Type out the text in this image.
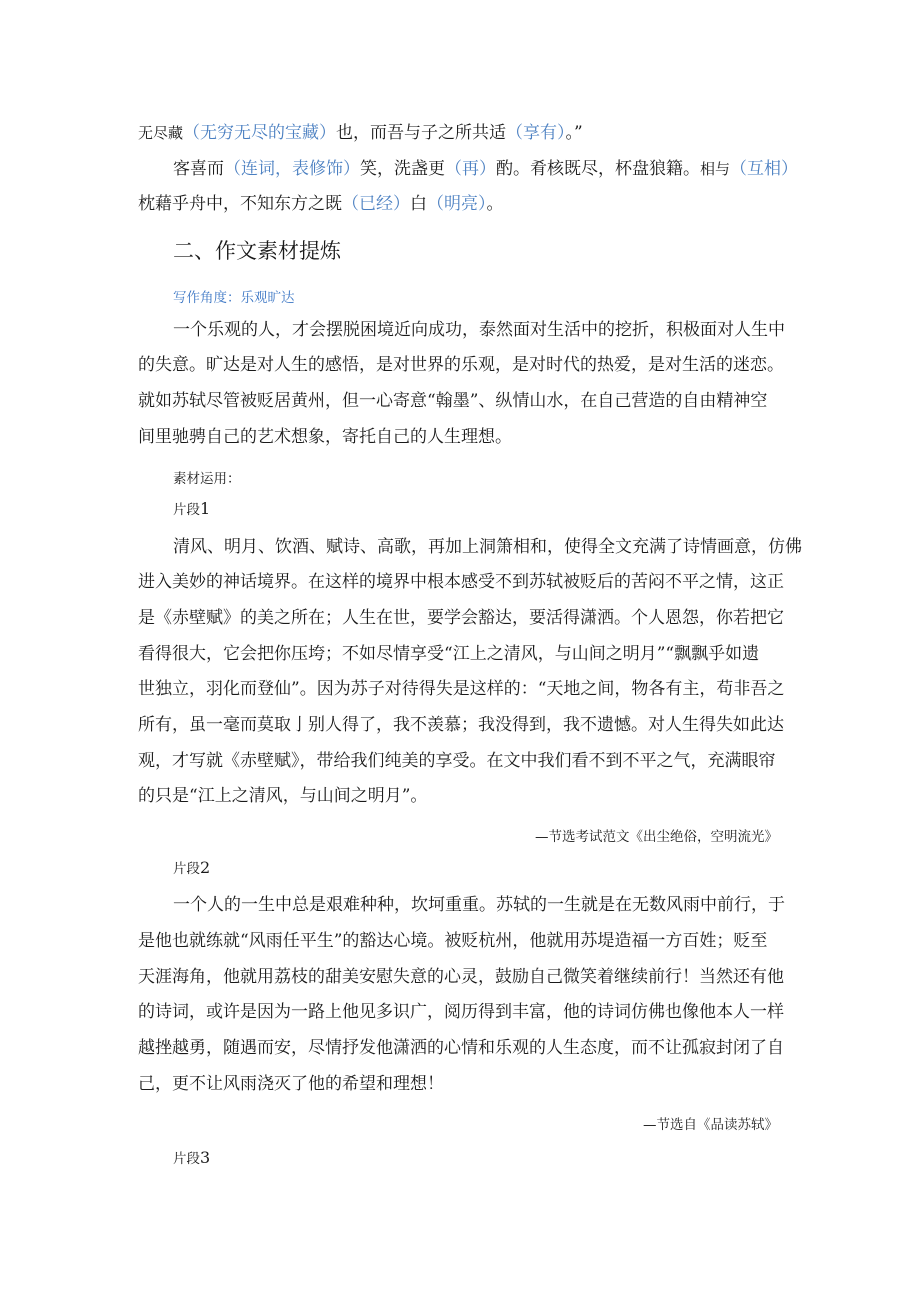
无尽藏（无穷无尽的宝藏）也，而吾与子之所共适（享有）。”
客喜而（连词，表修饰）笑，洗盏更（再）酌。肴核既尽，杯盘狼籍。相与（互相）
枕藉乎舟中，不知东方之既（已经）白（明亮）。
二、作文素材提炼
写作角度：乐观旷达
一个乐观的人，才会摆脱困境近向成功，泰然面对生活中的挖折，积极面对人生中
的失意。旷达是对人生的感悟，是对世界的乐观，是对时代的热爱，是对生活的迷恋。
就如苏轼尽管被贬居黄州，但一心寄意“翰墨”、纵情山水，在自己营造的自由精神空
间里驰骋自己的艺术想象，寄托自己的人生理想。
素材运用：
片段1
清风、明月、饮酒、赋诗、高歌，再加上洞箫相和，使得全文充满了诗情画意，仿佛
进入美妙的神话境界。在这样的境界中根本感受不到苏轼被贬后的苦闷不平之情，这正
是《赤壁赋》的美之所在；人生在世，要学会豁达，要活得潇洒。个人恩怨，你若把它
看得很大，它会把你压垮；不如尽情享受“江上之清风，与山间之明月”“飘飘乎如遗
世独立，羽化而登仙”。因为苏子对待得失是这样的：“天地之间，物各有主，苟非吾之
所有，虽一毫而莫取亅别人得了，我不羡慕；我没得到，我不遗憾。对人生得失如此达
观，才写就《赤壁赋》，带给我们纯美的享受。在文中我们看不到不平之气，充满眼帘
的只是“江上之清风，与山间之明月”。
—节选考试范文《出尘绝俗，空明流光》
片段2
一个人的一生中总是艰难种种，坎坷重重。苏轼的一生就是在无数风雨中前行，于
是他也就练就“风雨任平生”的豁达心境。被贬杭州，他就用苏堤造福一方百姓；贬至
天涯海角，他就用荔枝的甜美安慰失意的心灵，鼓励自己微笑着继续前行！当然还有他
的诗词，或许是因为一路上他见多识广，阅历得到丰富，他的诗词仿佛也像他本人一样
越挫越勇，随遇而安，尽情抒发他潇洒的心情和乐观的人生态度，而不让孤寂封闭了自
己，更不让风雨浇灭了他的希望和理想！
—节选自《品读苏轼》
片段3
